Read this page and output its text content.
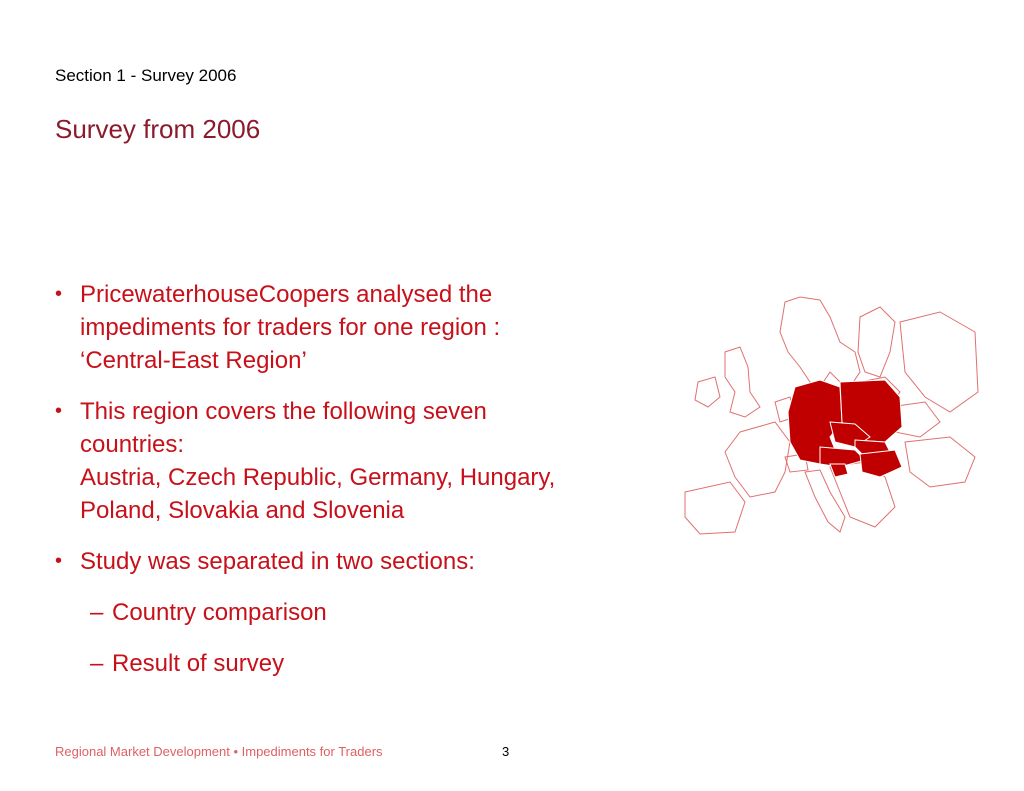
Section 1 - Survey 2006
Survey from 2006
• PricewaterhouseCoopers analysed the
impediments for traders for one region :
‘Central-East Region’
• This region covers the following seven
countries:
Austria, Czech Republic, Germany, Hungary,
Poland, Slovakia and Slovenia
• Study was separated in two sections:
– Country comparison
– Result of survey
Regional Market Development • Impediments for Traders	3
